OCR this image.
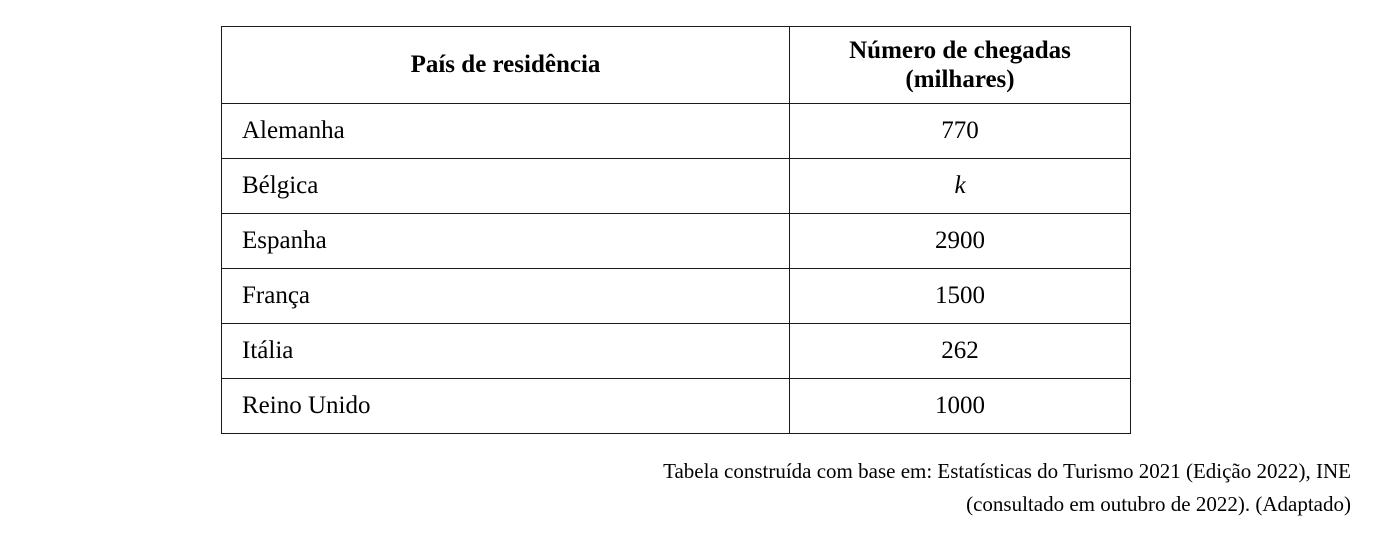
País de residência	Número de chegadas
(milhares)

Alemanha	770
Bélgica	k
Espanha	2900
França	1500
Itália	262
Reino Unido	1000
Tabela construída com base em: Estatísticas do Turismo 2021 (Edição 2022), INE
(consultado em outubro de 2022). (Adaptado)
